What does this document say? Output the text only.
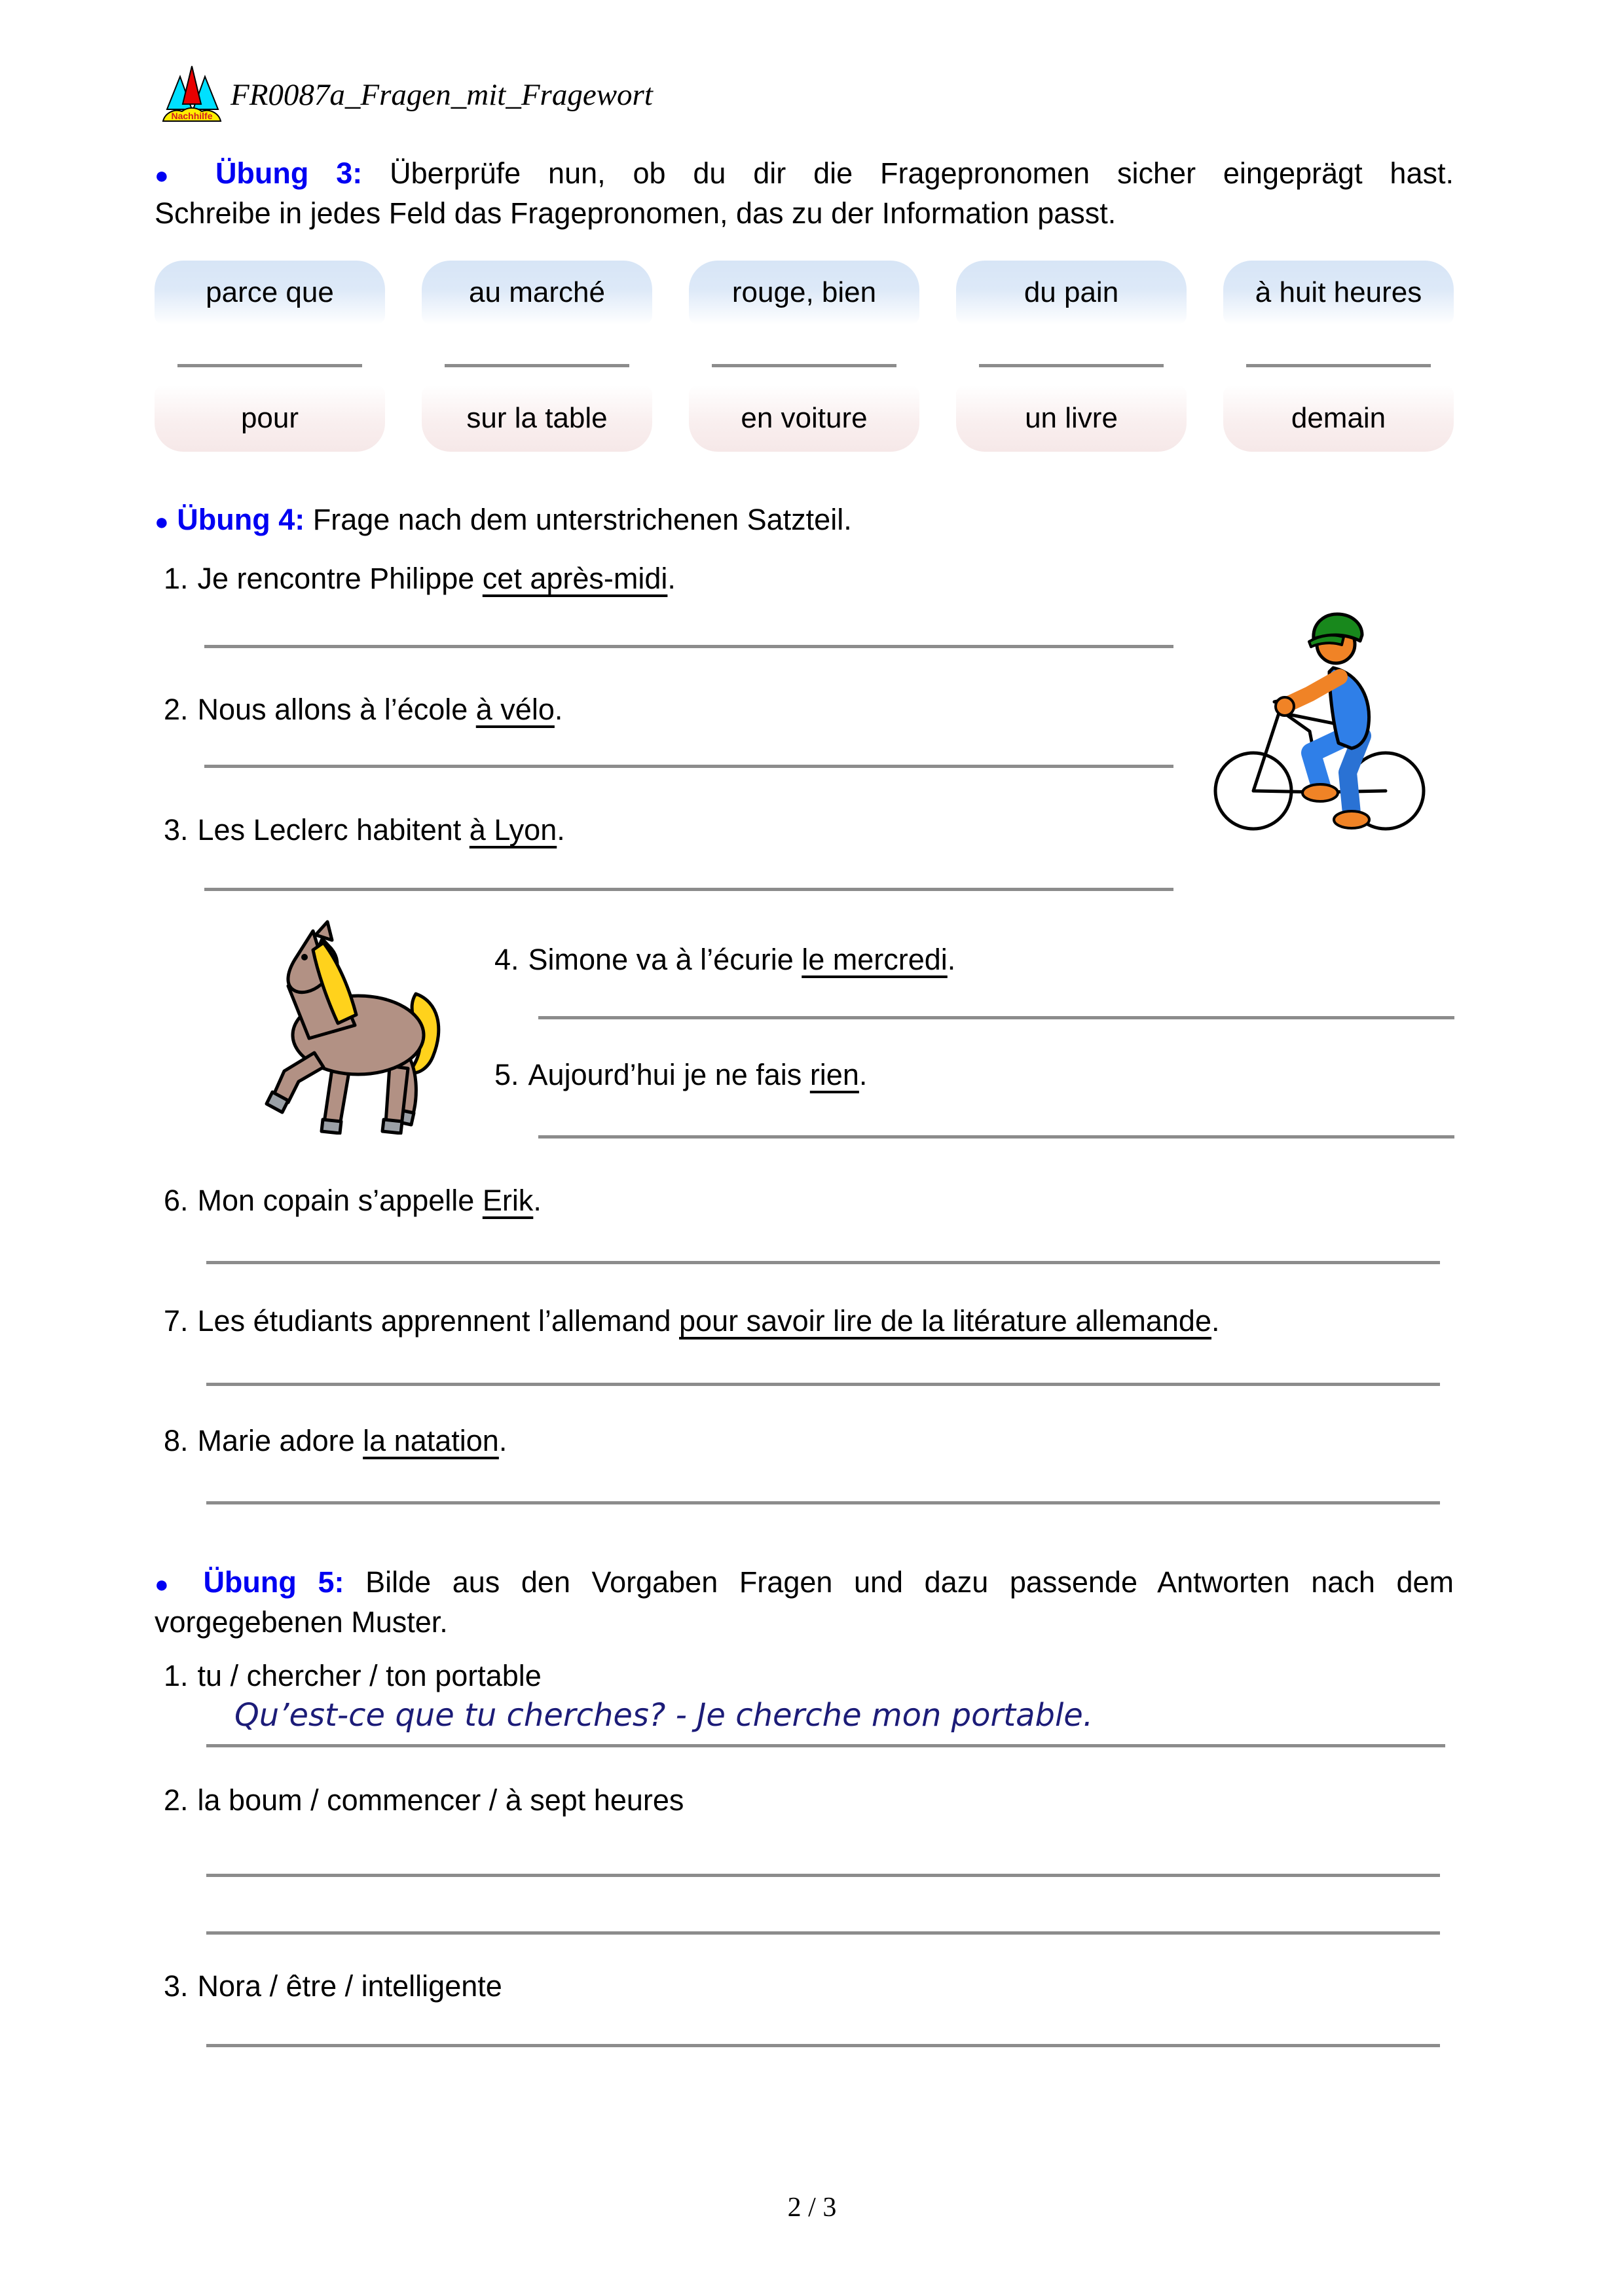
Nachhilfe
FR0087a_Fragen_mit_Fragewort
● Übung 3: Überprüfe nun, ob du dir die Fragepronomen sicher eingeprägt hast.
Schreibe in jedes Feld das Fragepronomen, das zu der Information passt.
parce que	au marché	rouge, bien	du pain	à huit heures
pour	sur la table	en voiture	un livre	demain
● Übung 4: Frage nach dem unterstrichenen Satzteil.
1. Je rencontre Philippe cet après-midi.
2. Nous allons à l’école à vélo.
3. Les Leclerc habitent à Lyon.
4. Simone va à l’écurie le mercredi.
5. Aujourd’hui je ne fais rien.
6. Mon copain s’appelle Erik.
7. Les étudiants apprennent l’allemand pour savoir lire de la litérature allemande.
8. Marie adore la natation.
● Übung 5: Bilde aus den Vorgaben Fragen und dazu passende Antworten nach dem
vorgegebenen Muster.
1. tu / chercher / ton portable
Qu’est-ce que tu cherches? - Je cherche mon portable.
2. la boum / commencer / à sept heures
3. Nora / être / intelligente
2 / 3
